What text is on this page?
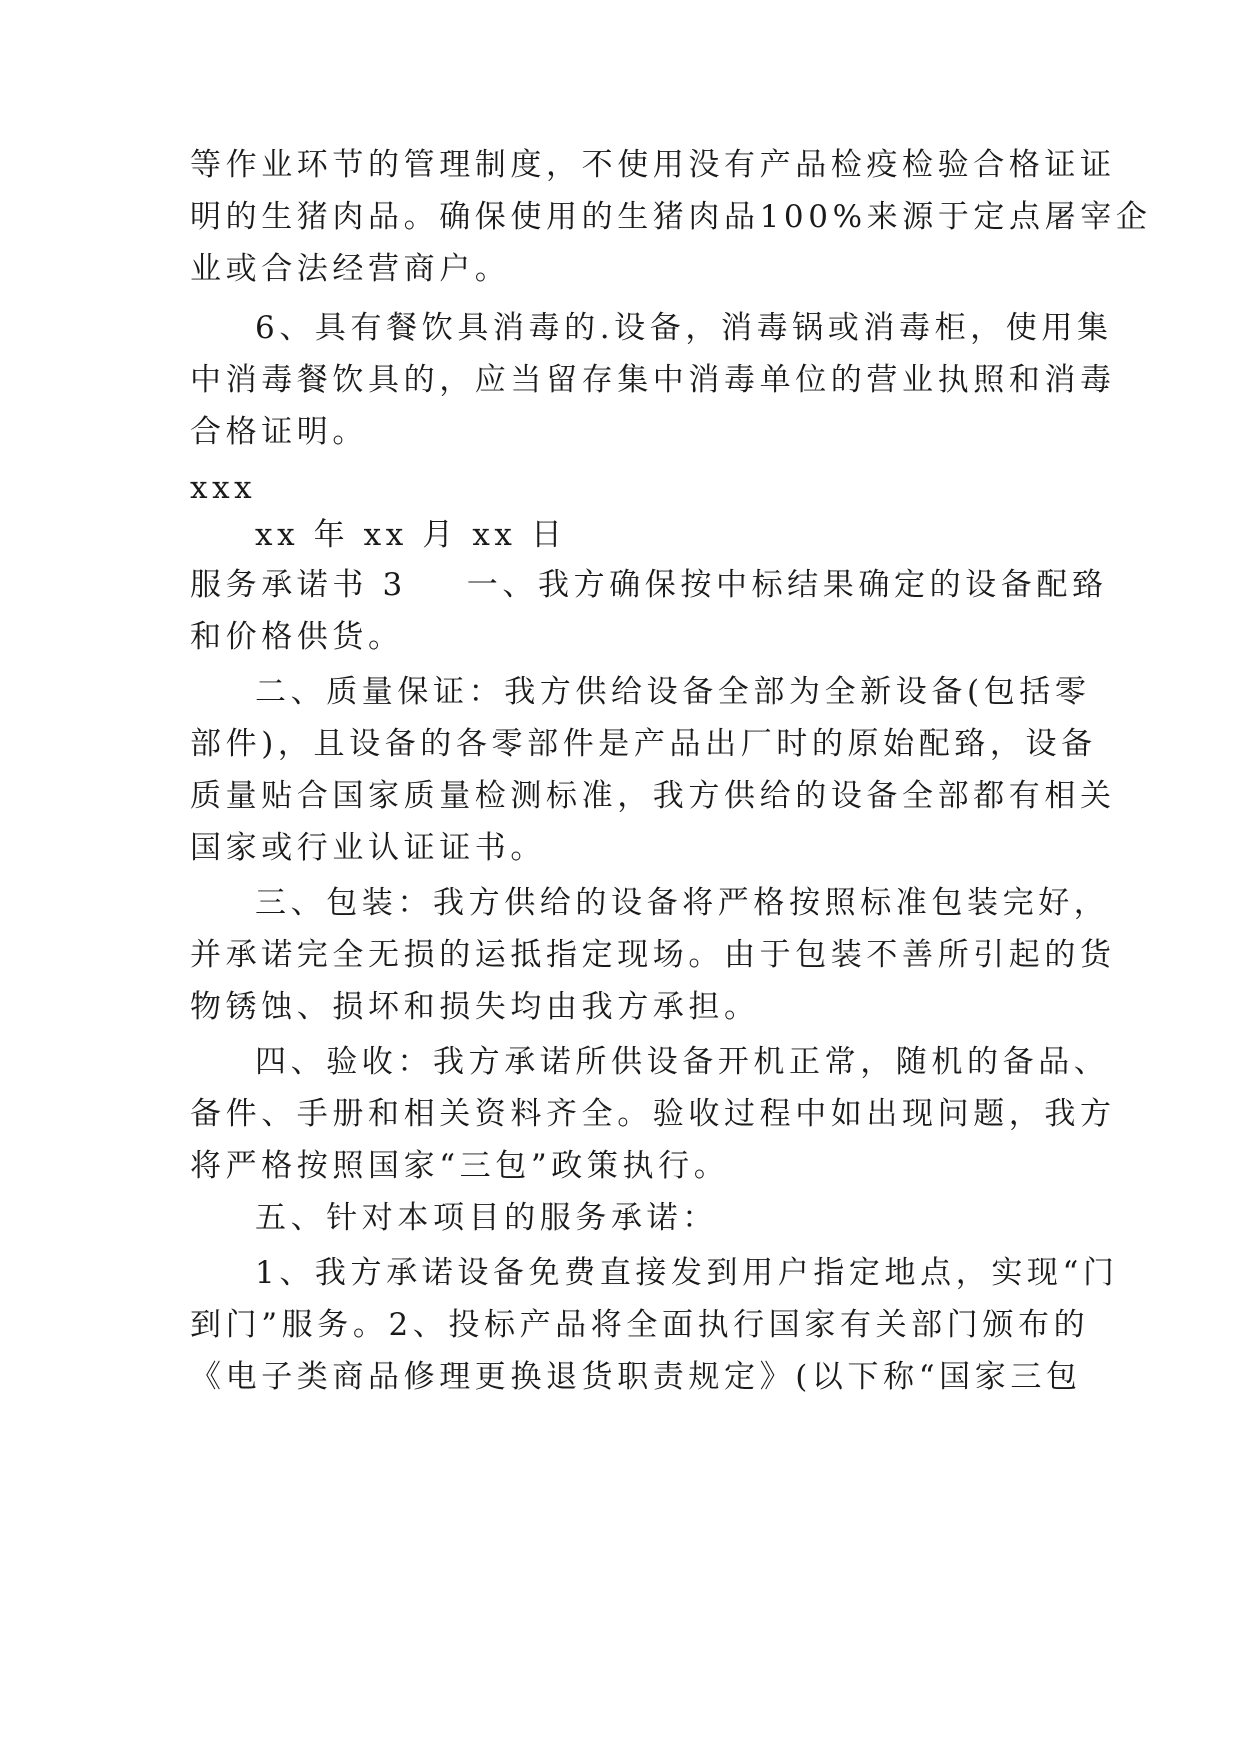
等作业环节的管理制度，不使用没有产品检疫检验合格证证

明的生猪肉品。确保使用的生猪肉品100%来源于定点屠宰企

业或合法经营商户。

6、具有餐饮具消毒的.设备，消毒锅或消毒柜，使用集

中消毒餐饮具的，应当留存集中消毒单位的营业执照和消毒

合格证明。

xxx

xx 年 xx 月 xx 日

服务承诺书 3 一、我方确保按中标结果确定的设备配臵

和价格供货。

二、质量保证：我方供给设备全部为全新设备(包括零

部件)，且设备的各零部件是产品出厂时的原始配臵，设备

质量贴合国家质量检测标准，我方供给的设备全部都有相关

国家或行业认证证书。

三、包装：我方供给的设备将严格按照标准包装完好，

并承诺完全无损的运抵指定现场。由于包装不善所引起的货

物锈蚀、损坏和损失均由我方承担。

四、验收：我方承诺所供设备开机正常，随机的备品、

备件、手册和相关资料齐全。验收过程中如出现问题，我方

将严格按照国家“三包”政策执行。

五、针对本项目的服务承诺：

1、我方承诺设备免费直接发到用户指定地点，实现“门

到门”服务。2、投标产品将全面执行国家有关部门颁布的

《电子类商品修理更换退货职责规定》(以下称“国家三包
